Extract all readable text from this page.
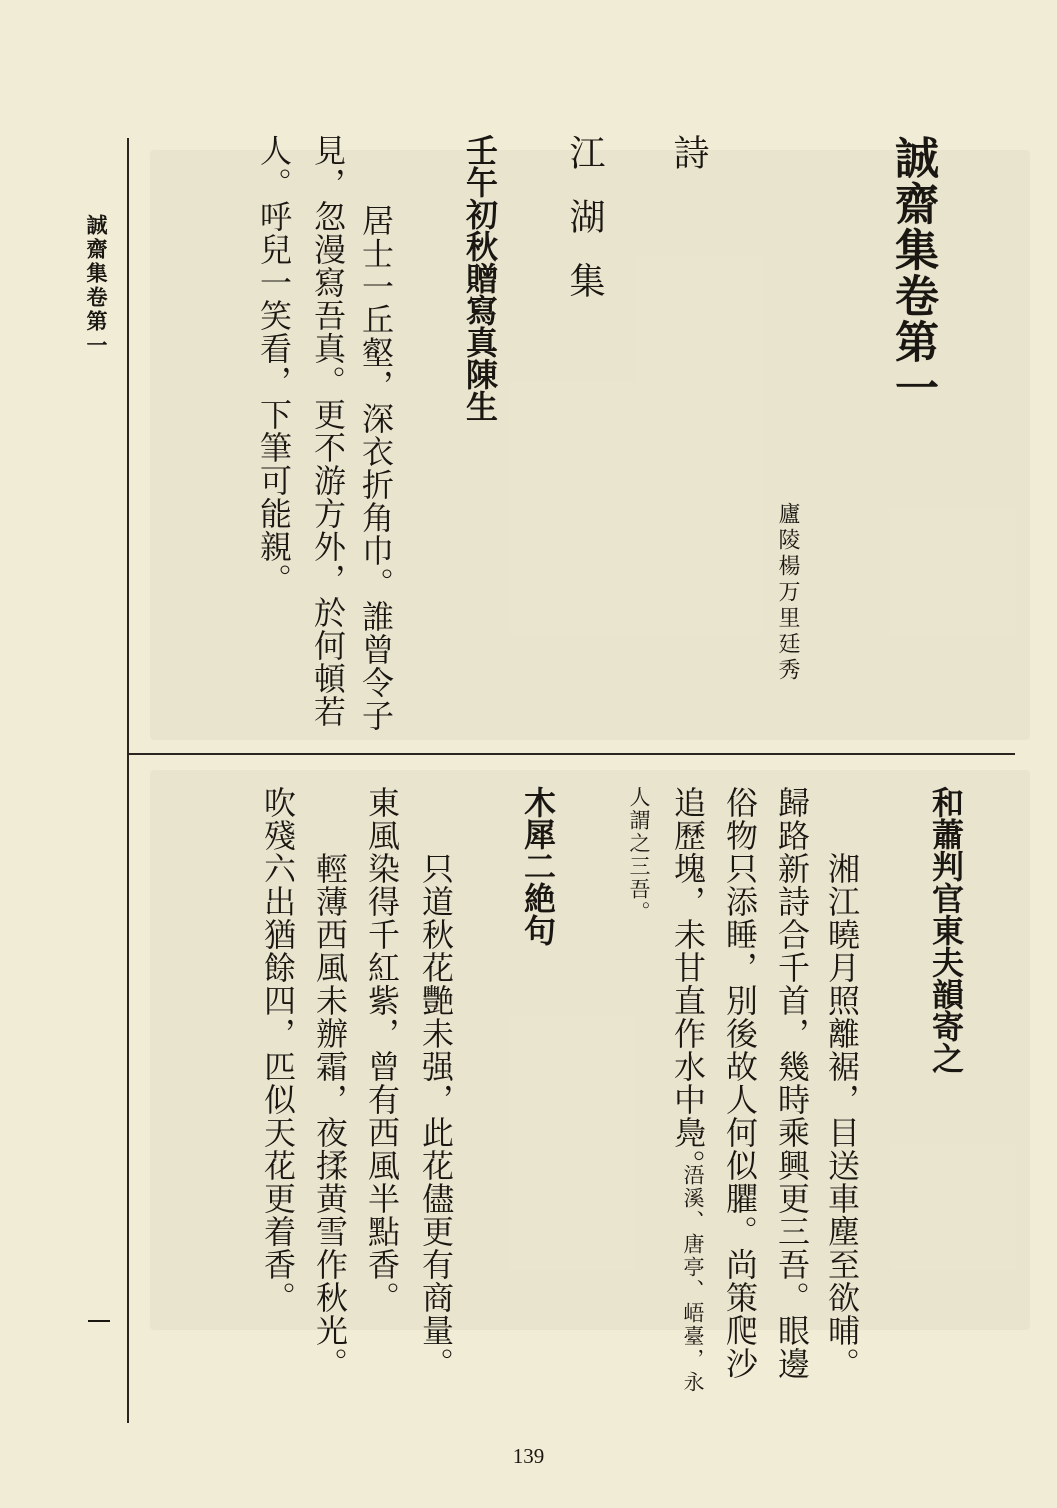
誠齋集卷第一	誠齋集卷第一
詩
廬陵楊万里廷秀
江湖集
壬午初秋贈寫真陳生
居士一丘壑，深衣折角巾。誰曾令子
見，忽漫寫吾真。更不游方外，於何頓若
人。呼兒一笑看，下筆可能親。
和蕭判官東夫韻寄之
湘江曉月照離裾，目送車塵至欲晡。
歸路新詩合千首，幾時乘興更三吾。眼邊
俗物只添睡，別後故人何似臞。尚策爬沙
追歷塊，未甘直作水中鳧。
浯溪、唐亭、峿臺，永
人謂之三吾。
木犀二絶句
只道秋花艷未强，此花儘更有商量。
東風染得千紅紫，曾有西風半點香。
輕薄西風未辦霜，夜揉黄雪作秋光。
吹殘六出猶餘四，匹似天花更着香。
139
